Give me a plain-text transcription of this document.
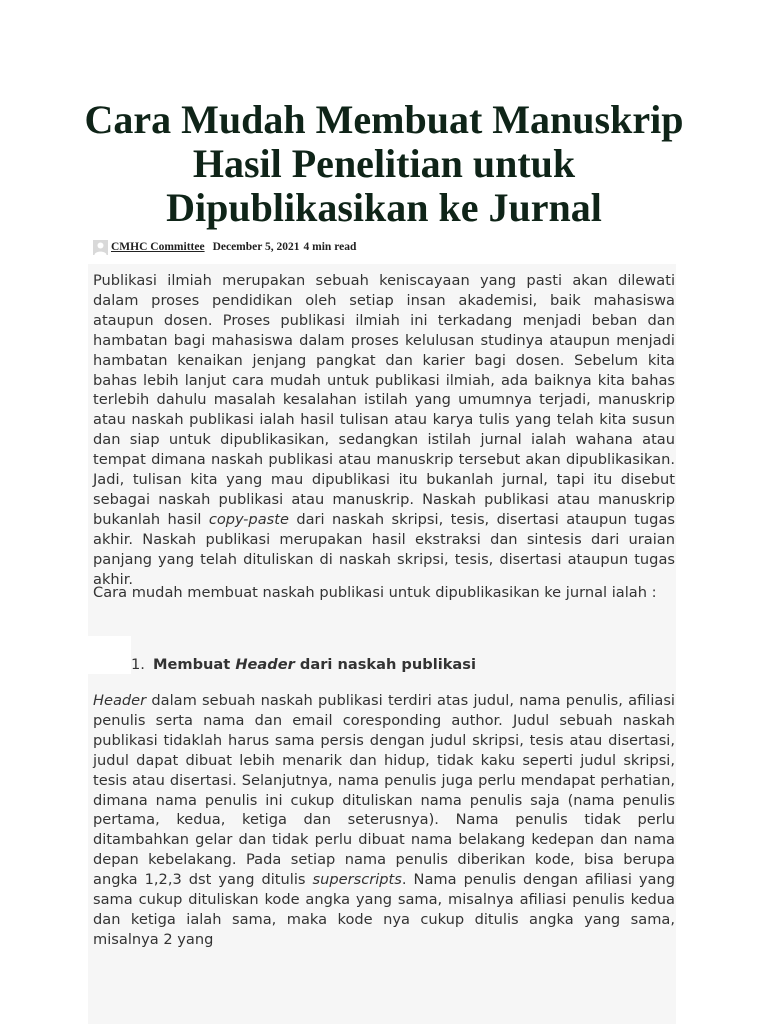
Cara Mudah Membuat Manuskrip Hasil Penelitian untuk Dipublikasikan ke Jurnal
CMHC Committee December 5, 2021 4 min read

Publikasi ilmiah merupakan sebuah keniscayaan yang pasti akan dilewati dalam proses pendidikan oleh setiap insan akademisi, baik mahasiswa ataupun dosen. Proses publikasi ilmiah ini terkadang menjadi beban dan hambatan bagi mahasiswa dalam proses kelulusan studinya ataupun menjadi hambatan kenaikan jenjang pangkat dan karier bagi dosen. Sebelum kita bahas lebih lanjut cara mudah untuk publikasi ilmiah, ada baiknya kita bahas terlebih dahulu masalah kesalahan istilah yang umumnya terjadi, manuskrip atau naskah publikasi ialah hasil tulisan atau karya tulis yang telah kita susun dan siap untuk dipublikasikan, sedangkan istilah jurnal ialah wahana atau tempat dimana naskah publikasi atau manuskrip tersebut akan dipublikasikan. Jadi, tulisan kita yang mau dipublikasi itu bukanlah jurnal, tapi itu disebut sebagai naskah publikasi atau manuskrip. Naskah publikasi atau manuskrip bukanlah hasil copy-paste dari naskah skripsi, tesis, disertasi ataupun tugas akhir. Naskah publikasi merupakan hasil ekstraksi dan sintesis dari uraian panjang yang telah dituliskan di naskah skripsi, tesis, disertasi ataupun tugas akhir.

Cara mudah membuat naskah publikasi untuk dipublikasikan ke jurnal ialah :

1. Membuat Header dari naskah publikasi

Header dalam sebuah naskah publikasi terdiri atas judul, nama penulis, afiliasi penulis serta nama dan email coresponding author. Judul sebuah naskah publikasi tidaklah harus sama persis dengan judul skripsi, tesis atau disertasi, judul dapat dibuat lebih menarik dan hidup, tidak kaku seperti judul skripsi, tesis atau disertasi. Selanjutnya, nama penulis juga perlu mendapat perhatian, dimana nama penulis ini cukup dituliskan nama penulis saja (nama penulis pertama, kedua, ketiga dan seterusnya). Nama penulis tidak perlu ditambahkan gelar dan tidak perlu dibuat nama belakang kedepan dan nama depan kebelakang. Pada setiap nama penulis diberikan kode, bisa berupa angka 1,2,3 dst yang ditulis superscripts. Nama penulis dengan afiliasi yang sama cukup dituliskan kode angka yang sama, misalnya afiliasi penulis kedua dan ketiga ialah sama, maka kode nya cukup ditulis angka yang sama, misalnya 2 yang
